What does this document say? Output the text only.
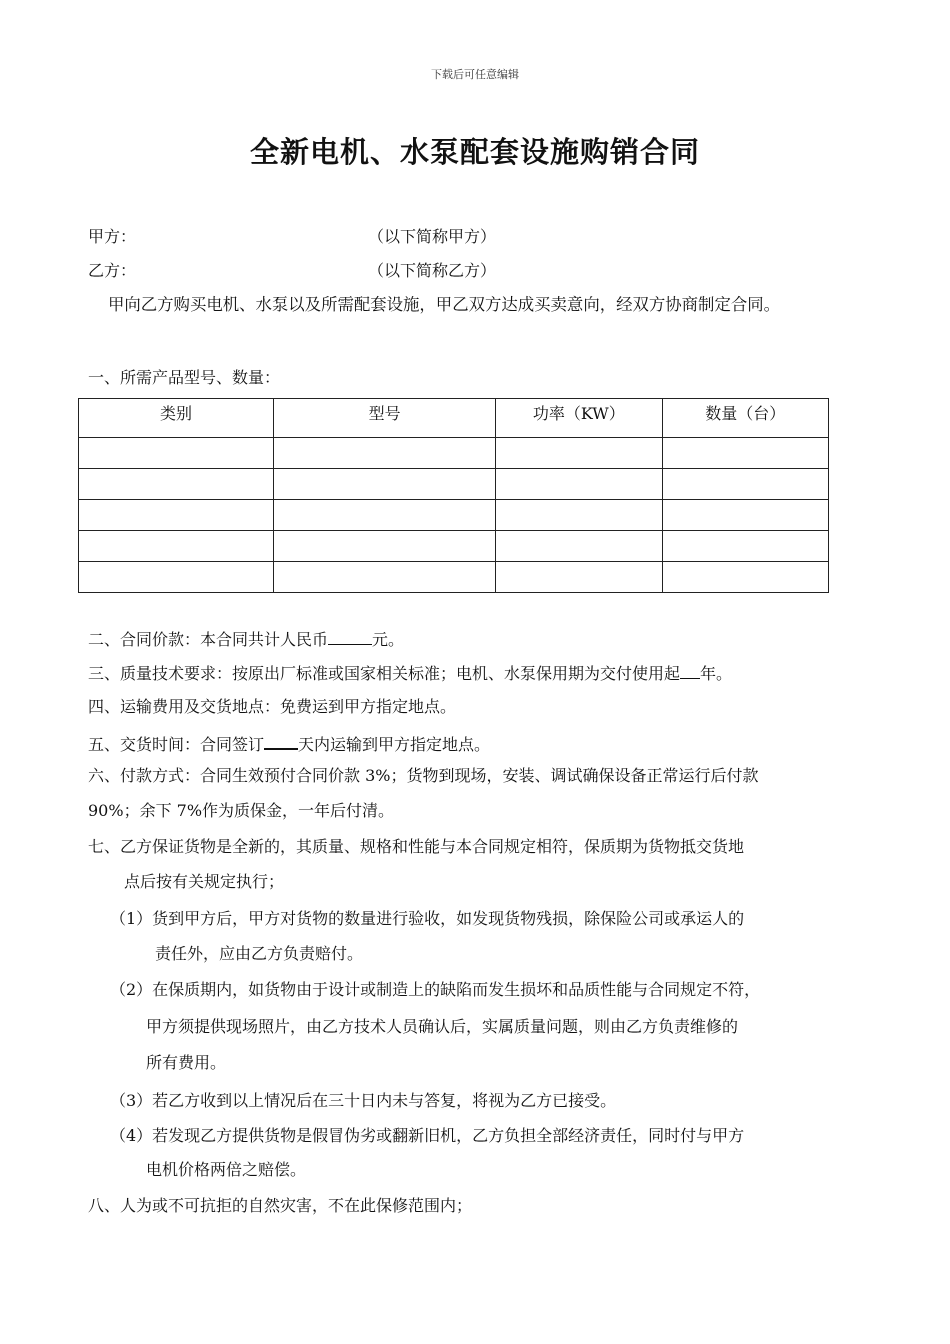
下载后可任意编辑
全新电机、水泵配套设施购销合同
甲方：	（以下简称甲方）
乙方：	（以下简称乙方）
甲向乙方购买电机、水泵以及所需配套设施，甲乙双方达成买卖意向，经双方协商制定合同。
一、所需产品型号、数量：
类别	型号	功率（KW）	数量（台）

二、合同价款：本合同共计人民币	元。
三、质量技术要求：按原出厂标准或国家相关标准；电机、水泵保用期为交付使用起 年。
四、运输费用及交货地点：免费运到甲方指定地点。
五、交货时间：合同签订 天内运输到甲方指定地点。
六、付款方式：合同生效预付合同价款 3%；货物到现场，安装、调试确保设备正常运行后付款
90%；余下 7%作为质保金，一年后付清。
七、乙方保证货物是全新的，其质量、规格和性能与本合同规定相符，保质期为货物抵交货地
点后按有关规定执行；
（1）货到甲方后，甲方对货物的数量进行验收，如发现货物残损，除保险公司或承运人的
责任外，应由乙方负责赔付。
（2）在保质期内，如货物由于设计或制造上的缺陷而发生损坏和品质性能与合同规定不符，
甲方须提供现场照片，由乙方技术人员确认后，实属质量问题，则由乙方负责维修的
所有费用。
（3）若乙方收到以上情况后在三十日内未与答复，将视为乙方已接受。
（4）若发现乙方提供货物是假冒伪劣或翻新旧机，乙方负担全部经济责任，同时付与甲方
电机价格两倍之赔偿。
八、人为或不可抗拒的自然灾害，不在此保修范围内；
